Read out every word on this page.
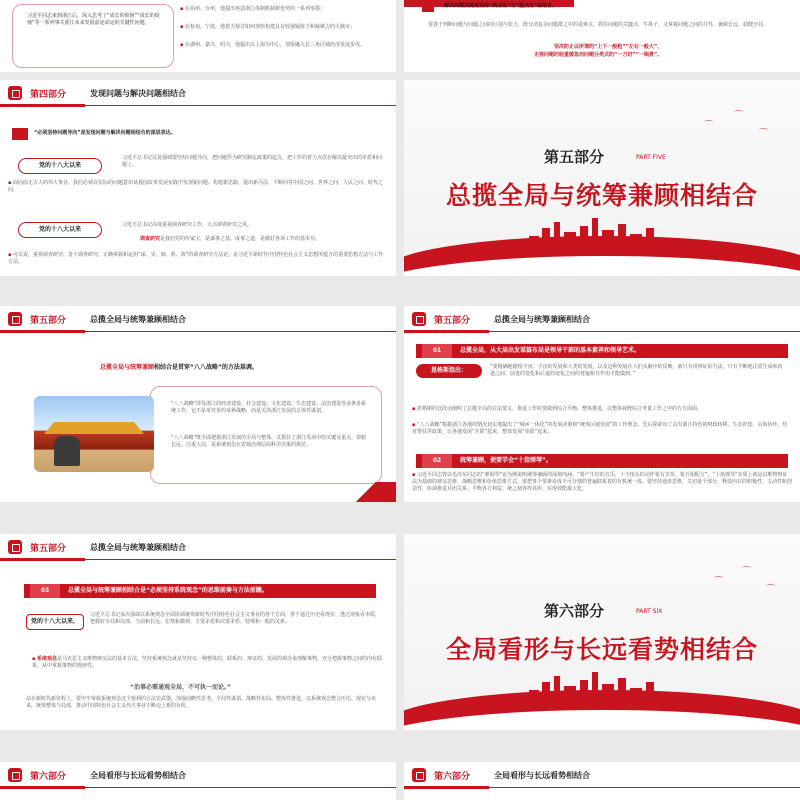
习近平同志来到浙江后，深入思考了“成长的烦恼”“成长的烦恼”等一系列事关浙江未来发展前途命运的关键性问题。
▪ 在温州、台州，他提出再造浙江体制机制新优势的一系列举措；
▪ 在杭州、宁波，他着力探讨如何加快构建具有较强辐射力和凝聚力的大城市；
▪ 在湖州、嘉兴、绍兴，他提出以上海为中心，加快融入长三角区域经济发展步伐。
解决问题关键是坚持“两点论”与“重点论”相结合。
要善于判断问题与问题之间的区别与张力，既分清复杂问题群之中的重难点，抓住问题的关键点、牛鼻子，又掌握问题之间的共性、兼顾长远、稳健全局。
坚决防止以所谓的“上下一般粗”“左右一般大”、
无视问题的轻重缓急而问题分类式的“一刀切”“一锅煮”。
第四部分	发现问题与解决问题相结合
“必须坚持问题导向”是发现问题与解决问题相结合的深层表达。
党的十八大以来
习近平总书记反复强调要坚持问题导向，把问题作为研究制定政策的起点，把工作的着力点放在解决最突出的矛盾和问题上。
▪ 面向前无古人的伟大事业，我们必须以实际的问题意识从我国改革发展实践中发现新问题、构建新思路、提出新办法，不断回答中国之问、世界之问、人民之问、时代之问。
党的十八大以来
习近平总书记高度重视调查研究工作，大兴调查研究之风。
调查研究是我们党的传家宝，是谋事之基、成事之道，是做好各项工作的基本功。
▪ 可以说，重视调查研究、善于调查研究、正确掌握和运用“深、实、细、准、效”的调查研究方法论，是习近平新时代中国特色社会主义思想所蕴含的重要思想方法与工作方法。
⌒
⌒
⌒
第五部分	PART FIVE
总揽全局与统筹兼顾相结合
第五部分	总揽全局与统筹兼顾相结合
总揽全局与统筹兼顾相结合是贯穿“八八战略”的方法基调。
“八八战略”涉及浙江的经济建设、社会建设、文化建设、生态建设、法治建设等多条多系统工作，它不是单对单的某种战略，而是关涉浙江发展的总体性谋划。
“八八战略”既全面把握浙江发展的全局与整体，又抓住了浙江发展中的关键及重点，着眼长远、注重大局，是系统观念在省域治理层面科学决策的典范。
第五部分	总揽全局与统筹兼顾相结合
01	总揽全局，从大局出发谋篇布局是领导干部的基本素养和领导艺术。
恩格斯指出：	“要精确地描绘宇宙、宇宙的发展和人类的发展，以及这种发展在人们头脑中的反映，就只有用辩证的方法，只有不断地注意生成和消逝之间、前进的变化和后退的变化之间的普遍相互作用才能做到。”
▪ 恩格斯的这段话阐明了总揽全局的方法要义，推进工作时要做到综合平衡、整体推进，以整体视野综合考量工作之中的方方面面。
▪ “八八战略”根据浙江各地的情况切实地提出了“城乡一体化”的发展决策和“统筹区域发展”的工作理念，先后探索出了具有浙江特色的财政转移、生态补偿、山海协作、结对帮扶等政策，让各地发展“并联”起来，整体发展“串联”起来。
02	统筹兼顾，便要学会“十指弹琴”。
▪ 习近平同志曾以毛泽东同志的“弹钢琴”论为例说明统筹兼顾的深刻内涵，“要产生好的音乐，十个指头的动作要有节奏，要互相配合”。“十指弹琴”本质上就是以唯物辩证法为基础的辩证思维、战略思维和价值思维方式，要把各个要素看成不可分割的普遍联系着的有机统一体，要坚持通盘思维、关切各个部分，释放内在的积极性、主动性和创造性，协调推进兵团关系、平衡各方利益，统之使各得其所、实现效能最大化。
第五部分	总揽全局与统筹兼顾相结合
03	总揽全局与统筹兼顾相结合是“必须坚持系统观念”的思维前奏与方法前瞻。
党的十八大以来，
习近平总书记多次强调以系统观念全面协调统筹新时代中国特色社会主义事业的各个方面，善于通过历史看现实、透过现象看本质，把握好全局和局部、当前和长远、宏观和微观、主要矛盾和次要矛盾、特殊和一般的关系。
▪ 系统观念是马克思主义唯物辩证法的基本方法，坚持系统观念就是坚持以一种整体的、联系的、辩证的、发展的观念来理解事物，充分把握事物之间的内在联系，从中掌握事物的规律性。
“治事必需通观全局，不可执一而论。”
站在新时代新征程上，要牢牢掌握系统观念这个锐利的方法论武器，加强前瞻性思考、全局性谋划、战略性布局、整体性推进，以系统观念整合历史、现实与未来，统筹整体与局部，推动中国特色社会主义伟大事业不断迈上新的台阶。
⌒
⌒
⌒
第六部分	PART SIX
全局看形与长远看势相结合
第六部分	全局看形与长远看势相结合	第六部分	全局看形与长远看势相结合
